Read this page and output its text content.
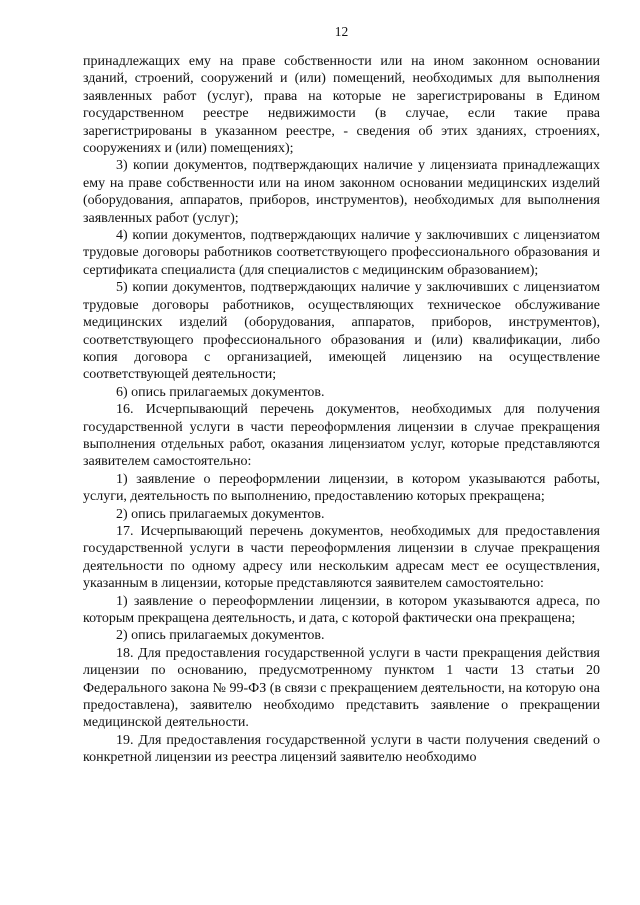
12

принадлежащих ему на праве собственности или на ином законном основании зданий, строений, сооружений и (или) помещений, необходимых для выполнения заявленных работ (услуг), права на которые не зарегистрированы в Едином государственном реестре недвижимости (в случае, если такие права зарегистрированы в указанном реестре, - сведения об этих зданиях, строениях, сооружениях и (или) помещениях);

3) копии документов, подтверждающих наличие у лицензиата принадлежащих ему на праве собственности или на ином законном основании медицинских изделий (оборудования, аппаратов, приборов, инструментов), необходимых для выполнения заявленных работ (услуг);

4) копии документов, подтверждающих наличие у заключивших с лицензиатом трудовые договоры работников соответствующего профессионального образования и сертификата специалиста (для специалистов с медицинским образованием);

5) копии документов, подтверждающих наличие у заключивших с лицензиатом трудовые договоры работников, осуществляющих техническое обслуживание медицинских изделий (оборудования, аппаратов, приборов, инструментов), соответствующего профессионального образования и (или) квалификации, либо копия договора с организацией, имеющей лицензию на осуществление соответствующей деятельности;

6) опись прилагаемых документов.

16. Исчерпывающий перечень документов, необходимых для получения государственной услуги в части переоформления лицензии в случае прекращения выполнения отдельных работ, оказания лицензиатом услуг, которые представляются заявителем самостоятельно:

1) заявление о переоформлении лицензии, в котором указываются работы, услуги, деятельность по выполнению, предоставлению которых прекращена;

2) опись прилагаемых документов.

17. Исчерпывающий перечень документов, необходимых для предоставления государственной услуги в части переоформления лицензии в случае прекращения деятельности по одному адресу или нескольким адресам мест ее осуществления, указанным в лицензии, которые представляются заявителем самостоятельно:

1) заявление о переоформлении лицензии, в котором указываются адреса, по которым прекращена деятельность, и дата, с которой фактически она прекращена;

2) опись прилагаемых документов.

18. Для предоставления государственной услуги в части прекращения действия лицензии по основанию, предусмотренному пунктом 1 части 13 статьи 20 Федерального закона № 99-ФЗ (в связи с прекращением деятельности, на которую она предоставлена), заявителю необходимо представить заявление о прекращении медицинской деятельности.

19. Для предоставления государственной услуги в части получения сведений о конкретной лицензии из реестра лицензий заявителю необходимо
